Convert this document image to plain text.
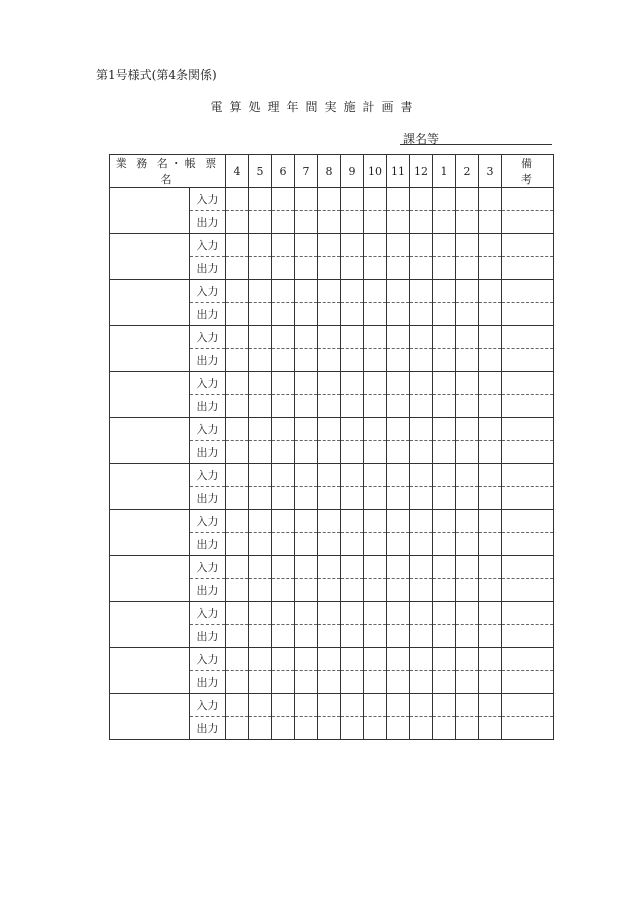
第1号様式(第4条関係)
電算処理年間実施計画書
課名等
業 務 名・帳 票 名		4	5	6	7	8	9	10	11	12	1	2	3	備 考
	入力													
	出力													
	入力													
	出力													
	入力													
	出力													
	入力													
	出力													
	入力													
	出力													
	入力													
	出力													
	入力													
	出力													
	入力													
	出力													
	入力													
	出力													
	入力													
	出力													
	入力													
	出力													
	入力													
	出力													
